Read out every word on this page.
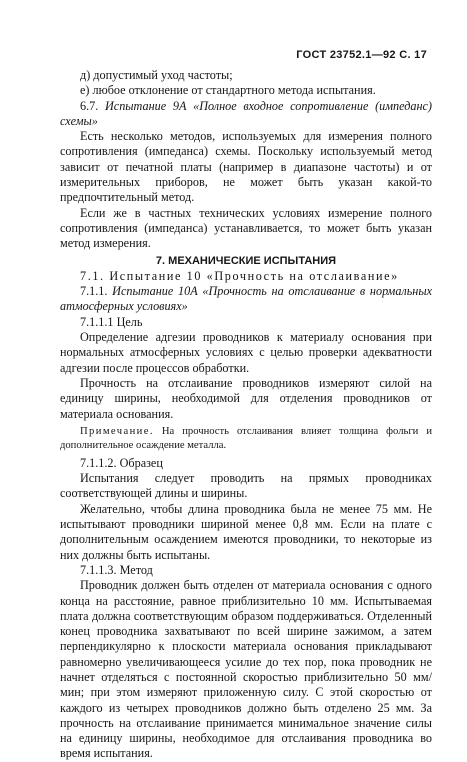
ГОСТ 23752.1—92 С. 17

д) допустимый уход частоты;

е) любое отклонение от стандартного метода испытания.

6.7. Испытание 9А «Полное входное сопротивление (импеданс) схемы»

Есть несколько методов, используемых для измерения полного сопротивления (импеданса) схемы. Поскольку используемый метод зависит от печатной платы (например в диапазоне частоты) и от измерительных приборов, не может быть указан какой-то предпочтительный метод.

Если же в частных технических условиях измерение полного сопротивления (импеданса) устанавливается, то может быть указан метод измерения.

7. МЕХАНИЧЕСКИЕ ИСПЫТАНИЯ

7.1. Испытание 10 «Прочность на отслаивание»

7.1.1. Испытание 10А «Прочность на отслаивание в нормальных атмосферных условиях»

7.1.1.1 Цель

Определение адгезии проводников к материалу основания при нормальных атмосферных условиях с целью проверки адекватности адгезии после процессов обработки.

Прочность на отслаивание проводников измеряют силой на единицу ширины, необходимой для отделения проводников от материала основания.

Примечание. На прочность отслаивания влияет толщина фольги и дополнительное осаждение металла.

7.1.1.2. Образец

Испытания следует проводить на прямых проводниках соответствующей длины и ширины.

Желательно, чтобы длина проводника была не менее 75 мм. Не испытывают проводники шириной менее 0,8 мм. Если на плате с дополнительным осаждением имеются проводники, то некоторые из них должны быть испытаны.

7.1.1.3. Метод

Проводник должен быть отделен от материала основания с одного конца на расстояние, равное приблизительно 10 мм. Испытываемая плата должна соответствующим образом поддерживаться. Отделенный конец проводника захватывают по всей ширине зажимом, а затем перпендикулярно к плоскости материала основания прикладывают равномерно увеличивающееся усилие до тех пор, пока проводник не начнет отделяться с постоянной скоростью приблизительно 50 мм/мин; при этом измеряют приложенную силу. С этой скоростью от каждого из четырех проводников должно быть отделено 25 мм. За прочность на отслаивание принимается минимальное значение силы на единицу ширины, необходимое для отслаивания проводника во время испытания.
